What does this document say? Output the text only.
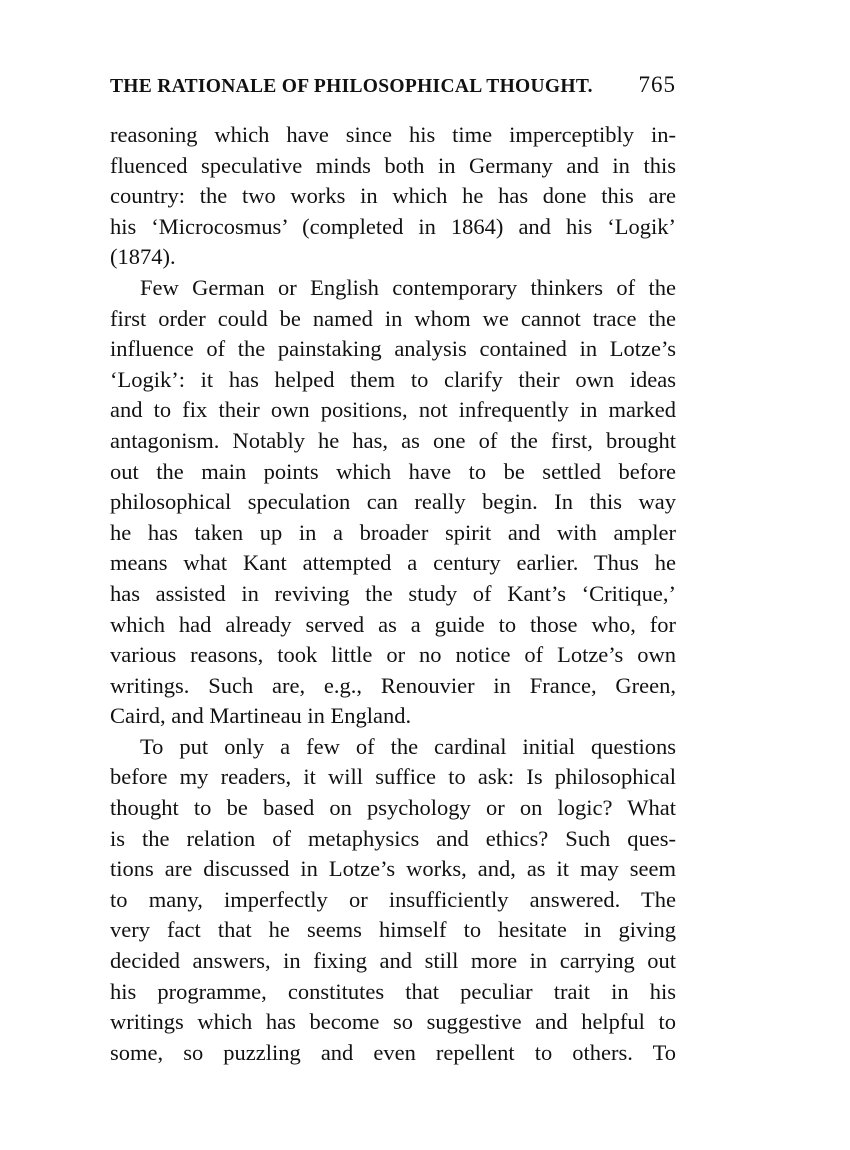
THE RATIONALE OF PHILOSOPHICAL THOUGHT. 765
reasoning which have since his time imperceptibly in-
fluenced speculative minds both in Germany and in this
country: the two works in which he has done this are
his ‘Microcosmus’ (completed in 1864) and his ‘Logik’
(1874).
Few German or English contemporary thinkers of the
first order could be named in whom we cannot trace the
influence of the painstaking analysis contained in Lotze’s
‘Logik’: it has helped them to clarify their own ideas
and to fix their own positions, not infrequently in marked
antagonism. Notably he has, as one of the first, brought
out the main points which have to be settled before
philosophical speculation can really begin. In this way
he has taken up in a broader spirit and with ampler
means what Kant attempted a century earlier. Thus he
has assisted in reviving the study of Kant’s ‘Critique,’
which had already served as a guide to those who, for
various reasons, took little or no notice of Lotze’s own
writings. Such are, e.g., Renouvier in France, Green,
Caird, and Martineau in England.
To put only a few of the cardinal initial questions
before my readers, it will suffice to ask: Is philosophical
thought to be based on psychology or on logic? What
is the relation of metaphysics and ethics? Such ques-
tions are discussed in Lotze’s works, and, as it may seem
to many, imperfectly or insufficiently answered. The
very fact that he seems himself to hesitate in giving
decided answers, in fixing and still more in carrying out
his programme, constitutes that peculiar trait in his
writings which has become so suggestive and helpful to
some, so puzzling and even repellent to others. To
